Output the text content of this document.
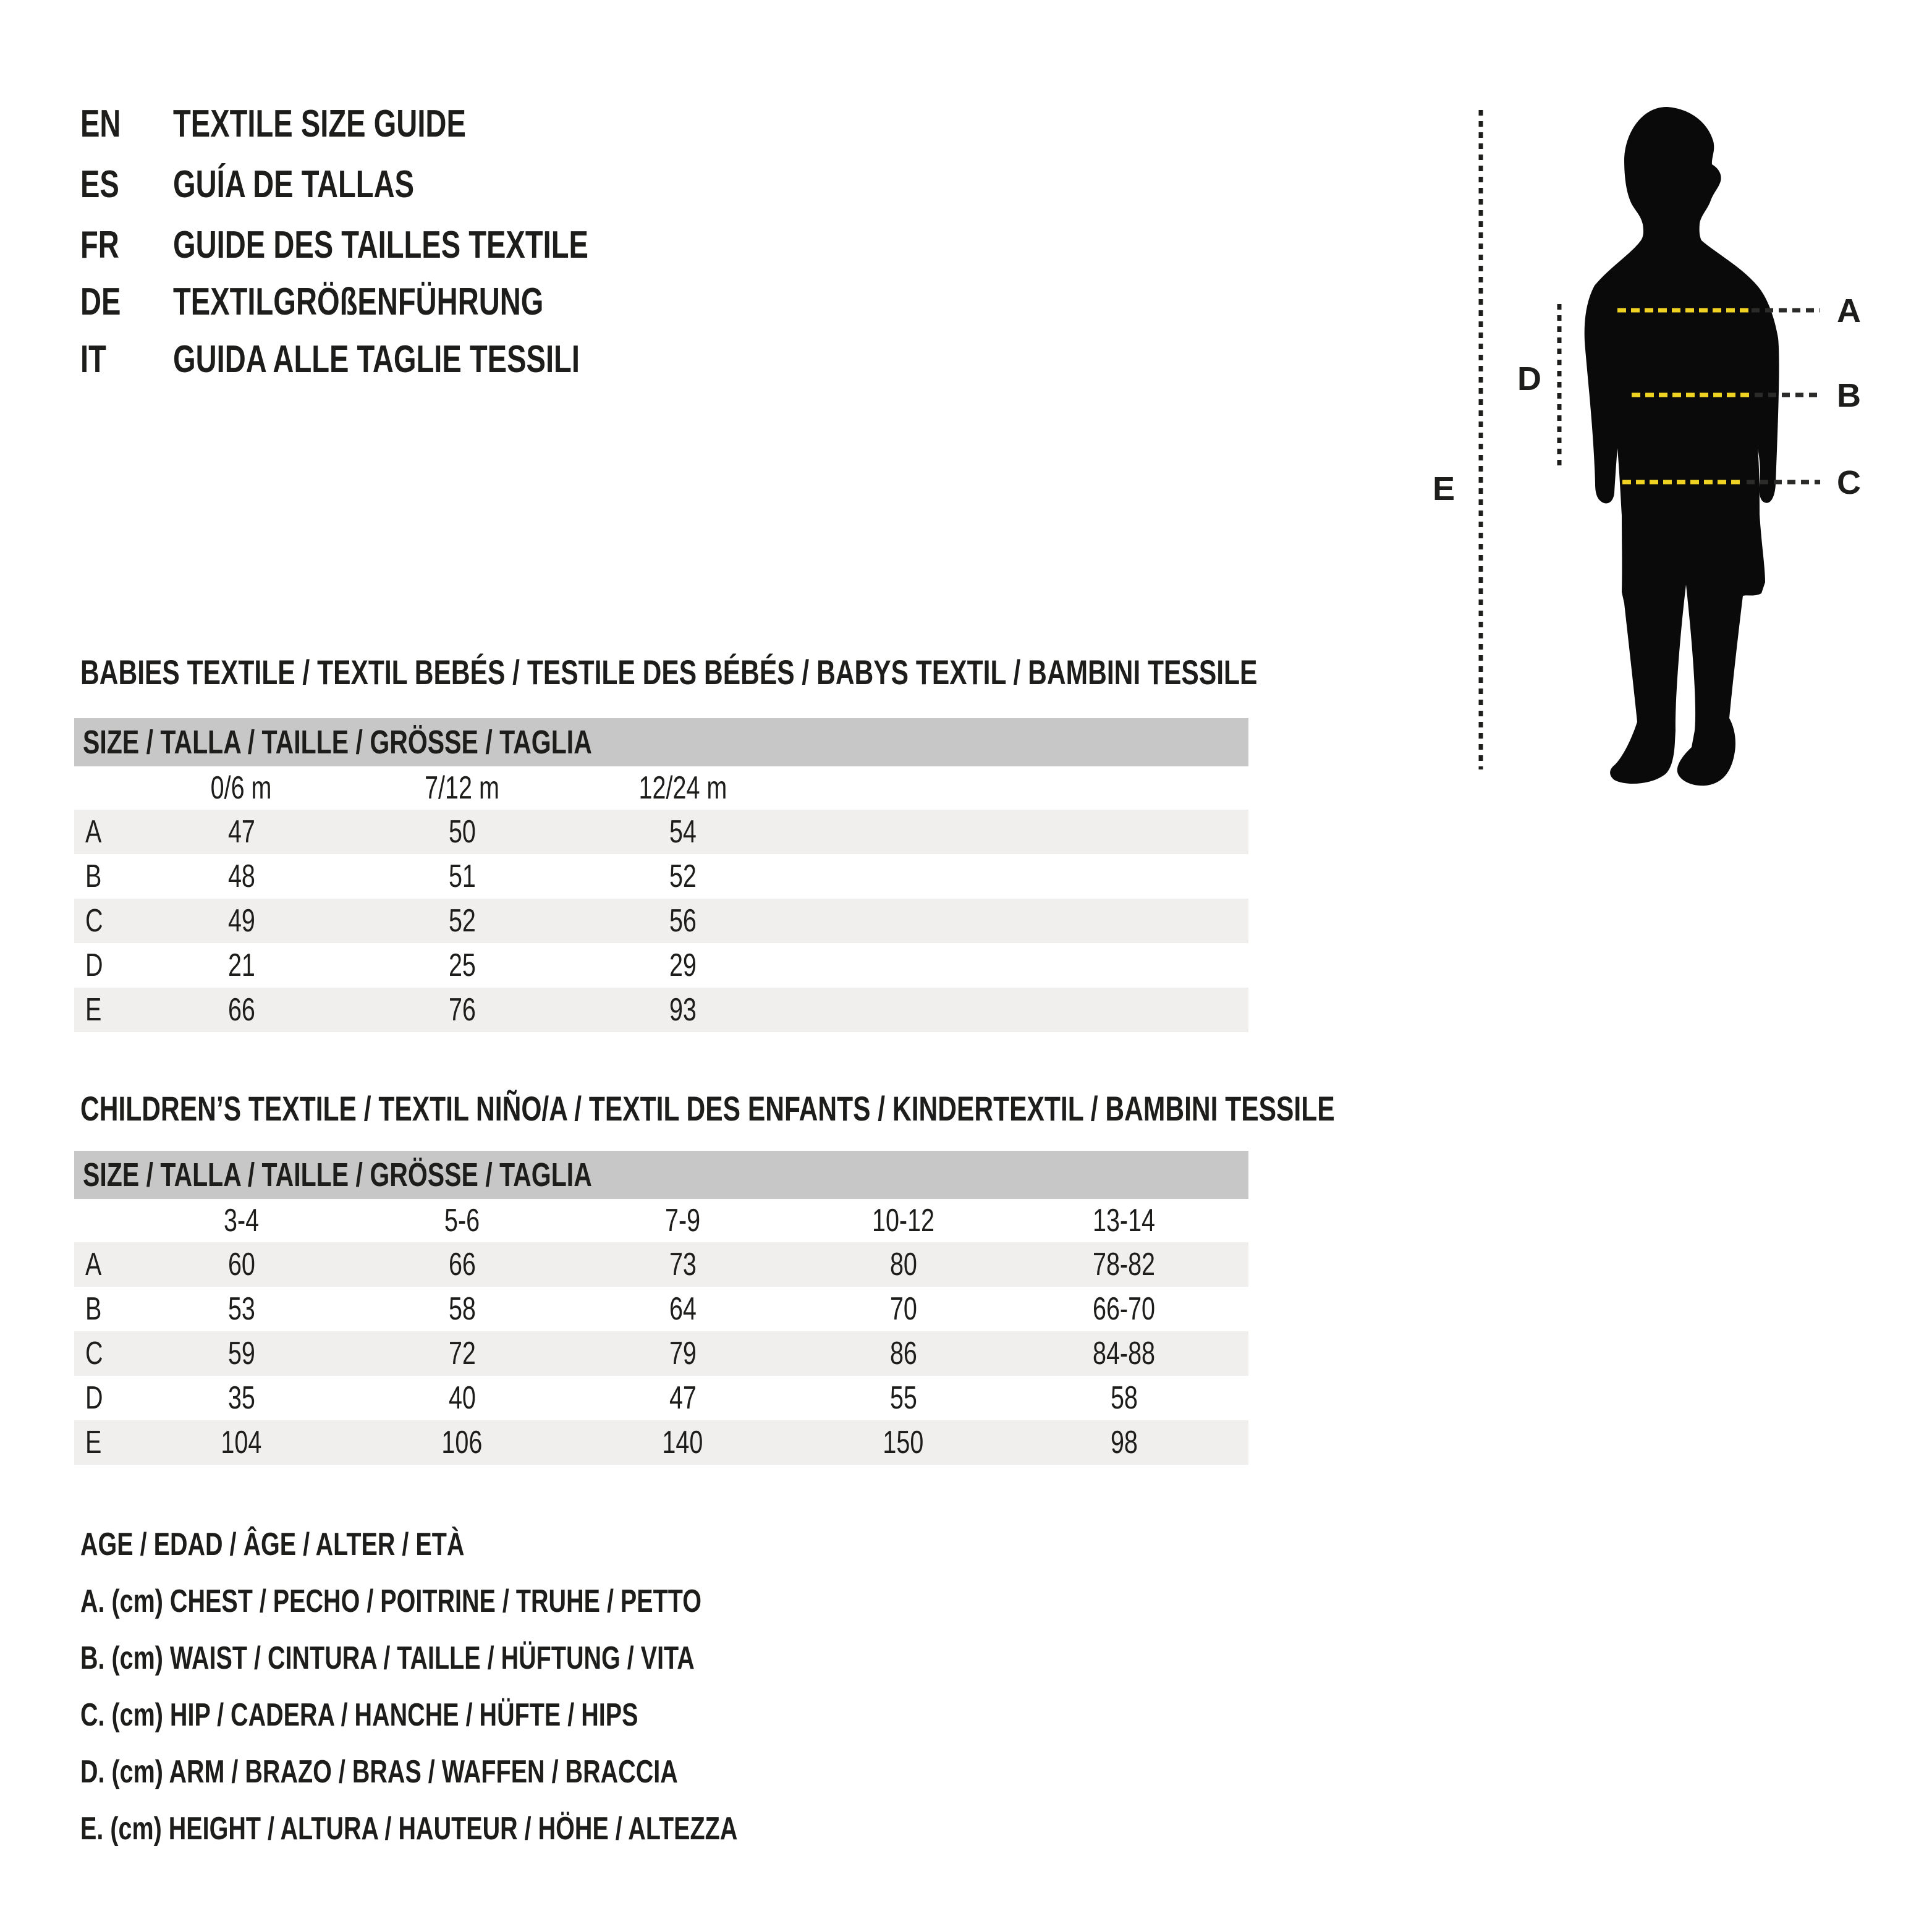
EN	TEXTILE SIZE GUIDE
ES	GUÍA DE TALLAS
FR	GUIDE DES TAILLES TEXTILE
DE	TEXTILGRÖßENFÜHRUNG
IT GUIDA ALLE TAGLIE TESSILI
A
B
C
D
E
BABIES TEXTILE / TEXTIL BEBÉS / TESTILE DES BÉBÉS / BABYS TEXTIL / BAMBINI TESSILE
SIZE / TALLA / TAILLE / GRÖSSE / TAGLIA
0/6 m	7/12 m	12/24 m
A	47	50	54
B	48	51	52
C	49	52	56
D	21	25	29
E	66	76	93
CHILDREN’S TEXTILE / TEXTIL NIÑO/A / TEXTIL DES ENFANTS / KINDERTEXTIL / BAMBINI TESSILE
SIZE / TALLA / TAILLE / GRÖSSE / TAGLIA
3-4	5-6	7-9	10-12	13-14
A	60	66	73	80	78-82
B	53	58	64	70	66-70
C	59	72	79	86	84-88
D	35	40	47	55	58
E	104	106	140	150	98
AGE / EDAD / ÂGE / ALTER / ETÀ
A. (cm) CHEST / PECHO / POITRINE / TRUHE / PETTO
B. (cm) WAIST / CINTURA / TAILLE / HÜFTUNG / VITA
C. (cm) HIP / CADERA / HANCHE / HÜFTE / HIPS
D. (cm) ARM / BRAZO / BRAS / WAFFEN / BRACCIA
E. (cm) HEIGHT / ALTURA / HAUTEUR / HÖHE / ALTEZZA
